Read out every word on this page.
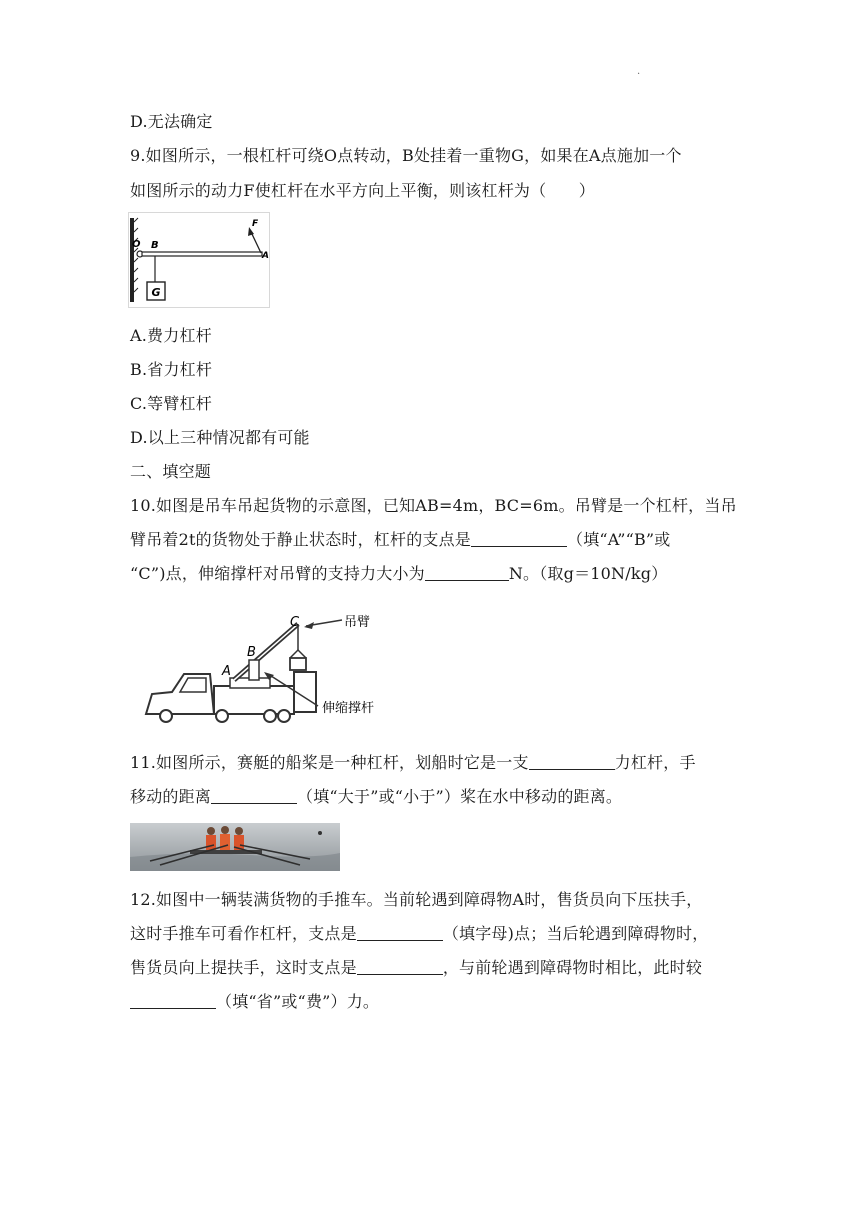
.
D.无法确定
9.如图所示，一根杠杆可绕O点转动，B处挂着一重物G，如果在A点施加一个
如图所示的动力F使杠杆在水平方向上平衡，则该杠杆为（　　）
G
O B
A
F
A.费力杠杆
B.省力杠杆
C.等臂杠杆
D.以上三种情况都有可能
二、填空题
10.如图是吊车吊起货物的示意图，已知AB=4m，BC=6m。吊臂是一个杠杆，当吊
臂吊着2t的货物处于静止状态时，杠杆的支点是	（填“A”“B”或
“C”)点，伸缩撑杆对吊臂的支持力大小为	N。（取g＝10N/kg）
C
B
A
吊臂
伸缩撑杆
11.如图所示，赛艇的船桨是一种杠杆，划船时它是一支	力杠杆，手
移动的距离	（填“大于”或“小于”）桨在水中移动的距离。
12.如图中一辆装满货物的手推车。当前轮遇到障碍物A时，售货员向下压扶手，
这时手推车可看作杠杆，支点是	（填字母)点；当后轮遇到障碍物时，
售货员向上提扶手，这时支点是	，与前轮遇到障碍物时相比，此时较
（填“省”或“费”）力。
